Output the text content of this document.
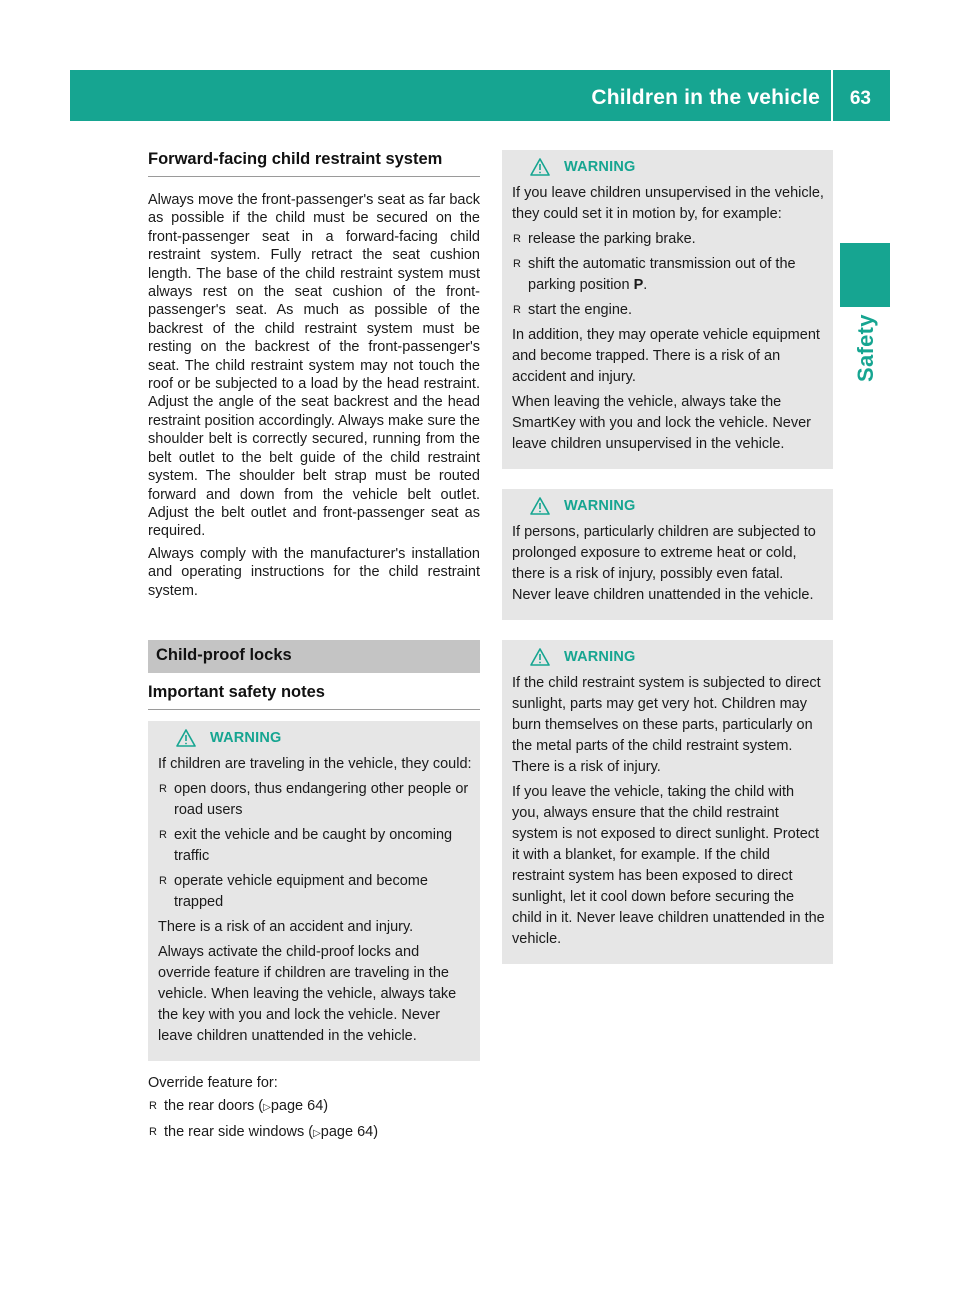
Children in the vehicle 63
Safety
Forward-facing child restraint system

Always move the front-passenger's seat as far back as possible if the child must be secured on the front-passenger seat in a forward-facing child restraint system. Fully retract the seat cushion length. The base of the child restraint system must always rest on the seat cushion of the front-passenger's seat. As much as possible of the backrest of the child restraint system must be resting on the backrest of the front-passenger's seat. The child restraint system may not touch the roof or be subjected to a load by the head restraint. Adjust the angle of the seat backrest and the head restraint position accordingly. Always make sure the shoulder belt is correctly secured, running from the belt outlet to the belt guide of the child restraint system. The shoulder belt strap must be routed forward and down from the vehicle belt outlet. Adjust the belt outlet and front-passenger seat as required.

Always comply with the manufacturer's installation and operating instructions for the child restraint system.

Child-proof locks
Important safety notes
WARNING

If children are traveling in the vehicle, they could:

R open doors, thus endangering other people or road users
R exit the vehicle and be caught by oncoming traffic
R operate vehicle equipment and become trapped

There is a risk of an accident and injury.

Always activate the child-proof locks and override feature if children are traveling in the vehicle. When leaving the vehicle, always take the key with you and lock the vehicle. Never leave children unattended in the vehicle.

Override feature for:

R the rear doors (▷page 64)
R the rear side windows (▷page 64)
WARNING

If you leave children unsupervised in the vehicle, they could set it in motion by, for example:

R release the parking brake.
R shift the automatic transmission out of the parking position P.
R start the engine.

In addition, they may operate vehicle equipment and become trapped. There is a risk of an accident and injury.

When leaving the vehicle, always take the SmartKey with you and lock the vehicle. Never leave children unsupervised in the vehicle.

WARNING

If persons, particularly children are subjected to prolonged exposure to extreme heat or cold, there is a risk of injury, possibly even fatal. Never leave children unattended in the vehicle.

WARNING

If the child restraint system is subjected to direct sunlight, parts may get very hot. Children may burn themselves on these parts, particularly on the metal parts of the child restraint system. There is a risk of injury.

If you leave the vehicle, taking the child with you, always ensure that the child restraint system is not exposed to direct sunlight. Protect it with a blanket, for example. If the child restraint system has been exposed to direct sunlight, let it cool down before securing the child in it. Never leave children unattended in the vehicle.
